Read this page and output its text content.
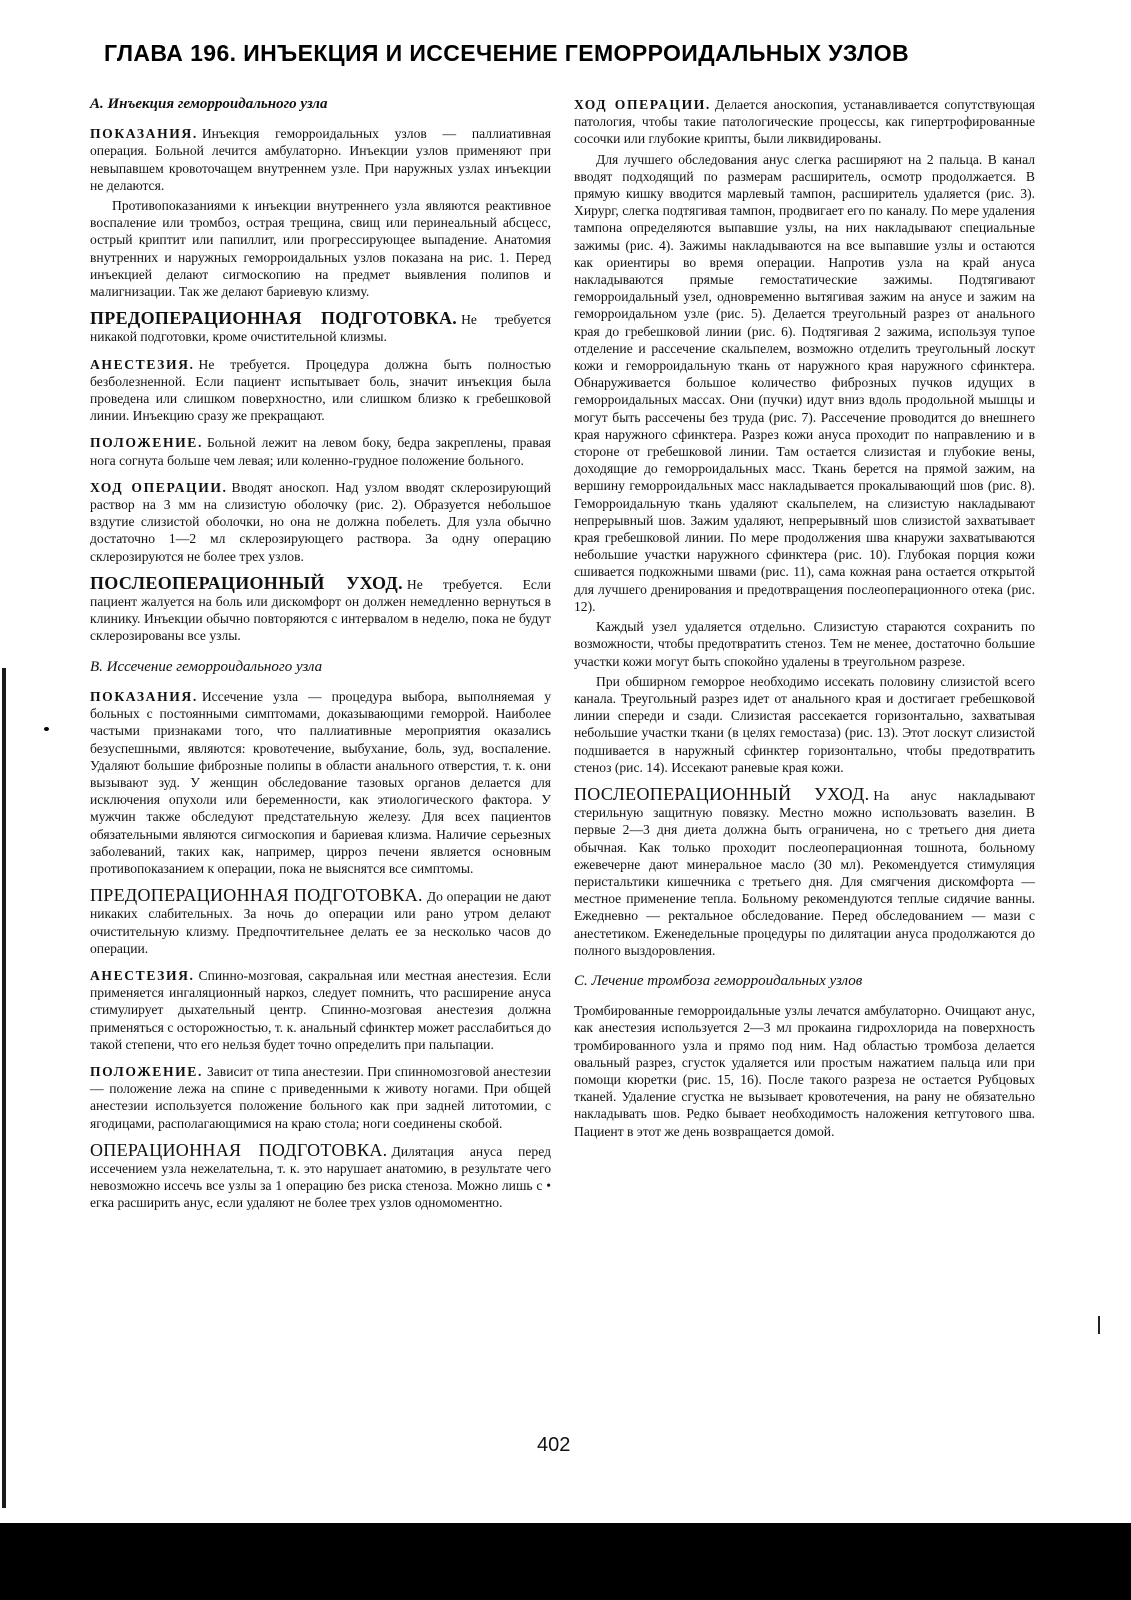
ГЛАВА 196. ИНЪЕКЦИЯ И ИССЕЧЕНИЕ ГЕМОРРОИДАЛЬНЫХ УЗЛОВ

А. Инъекция геморроидального узла

ПОКАЗАНИЯ. Инъекция геморроидальных узлов — паллиативная операция. Больной лечится амбулаторно. Инъекции узлов применяют при невыпавшем кровоточащем внутреннем узле. При наружных узлах инъекции не делаются.

Противопоказаниями к инъекции внутреннего узла являются реактивное воспаление или тромбоз, острая трещина, свищ или перинеальный абсцесс, острый криптит или папиллит, или прогрессирующее выпадение. Анатомия внутренних и наружных геморроидальных узлов показана на рис. 1. Перед инъекцией делают сигмоскопию на предмет выявления полипов и малигнизации. Так же делают бариевую клизму.

ПРЕДОПЕРАЦИОННАЯ ПОДГОТОВКА. Не требуется никакой подготовки, кроме очистительной клизмы.

АНЕСТЕЗИЯ. Не требуется. Процедура должна быть полностью безболезненной. Если пациент испытывает боль, значит инъекция была проведена или слишком поверхностно, или слишком близко к гребешковой линии. Инъекцию сразу же прекращают.

ПОЛОЖЕНИЕ. Больной лежит на левом боку, бедра закреплены, правая нога согнута больше чем левая; или коленно-грудное положение больного.

ХОД ОПЕРАЦИИ. Вводят аноскоп. Над узлом вводят склерозирующий раствор на 3 мм на слизистую оболочку (рис. 2). Образуется небольшое вздутие слизистой оболочки, но она не должна побелеть. Для узла обычно достаточно 1—2 мл склерозирующего раствора. За одну операцию склерозируются не более трех узлов.

ПОСЛЕОПЕРАЦИОННЫЙ УХОД. Не требуется. Если пациент жалуется на боль или дискомфорт он должен немедленно вернуться в клинику. Инъекции обычно повторяются с интервалом в неделю, пока не будут склерозированы все узлы.

В. Иссечение геморроидального узла

ПОКАЗАНИЯ. Иссечение узла — процедура выбора, выполняемая у больных с постоянными симптомами, доказывающими геморрой. Наиболее частыми признаками того, что паллиативные мероприятия оказались безуспешными, являются: кровотечение, выбухание, боль, зуд, воспаление. Удаляют большие фиброзные полипы в области анального отверстия, т. к. они вызывают зуд. У женщин обследование тазовых органов делается для исключения опухоли или беременности, как этиологического фактора. У мужчин также обследуют предстательную железу. Для всех пациентов обязательными являются сигмоскопия и бариевая клизма. Наличие серьезных заболеваний, таких как, например, цирроз печени является основным противопоказанием к операции, пока не выяснятся все симптомы.

ПРЕДОПЕРАЦИОННАЯ ПОДГОТОВКА. До операции не дают никаких слабительных. За ночь до операции или рано утром делают очистительную клизму. Предпочтительнее делать ее за несколько часов до операции.

АНЕСТЕЗИЯ. Спинно-мозговая, сакральная или местная анестезия. Если применяется ингаляционный наркоз, следует помнить, что расширение ануса стимулирует дыхательный центр. Спинно-мозговая анестезия должна применяться с осторожностью, т. к. анальный сфинктер может расслабиться до такой степени, что его нельзя будет точно определить при пальпации.

ПОЛОЖЕНИЕ. Зависит от типа анестезии. При спинномозговой анестезии — положение лежа на спине с приведенными к животу ногами. При общей анестезии используется положение больного как при задней литотомии, с ягодицами, располагающимися на краю стола; ноги соединены скобой.

ОПЕРАЦИОННАЯ ПОДГОТОВКА. Дилятация ануса перед иссечением узла нежелательна, т. к. это нарушает анатомию, в результате чего невозможно иссечь все узлы за 1 операцию без риска стеноза. Можно лишь с • егка расширить анус, если удаляют не более трех узлов одномоментно.

ХОД ОПЕРАЦИИ. Делается аноскопия, устанавливается сопутствующая патология, чтобы такие патологические процессы, как гипертрофированные сосочки или глубокие крипты, были ликвидированы.

Для лучшего обследования анус слегка расширяют на 2 пальца. В канал вводят подходящий по размерам расширитель, осмотр продолжается. В прямую кишку вводится марлевый тампон, расширитель удаляется (рис. 3). Хирург, слегка подтягивая тампон, продвигает его по каналу. По мере удаления тампона определяются выпавшие узлы, на них накладывают специальные зажимы (рис. 4). Зажимы накладываются на все выпавшие узлы и остаются как ориентиры во время операции. Напротив узла на край ануса накладываются прямые гемостатические зажимы. Подтягивают геморроидальный узел, одновременно вытягивая зажим на анусе и зажим на геморроидальном узле (рис. 5). Делается треугольный разрез от анального края до гребешковой линии (рис. 6). Подтягивая 2 зажима, используя тупое отделение и рассечение скальпелем, возможно отделить треугольный лоскут кожи и геморроидальную ткань от наружного края наружного сфинктера. Обнаруживается большое количество фиброзных пучков идущих в геморроидальных массах. Они (пучки) идут вниз вдоль продольной мышцы и могут быть рассечены без труда (рис. 7). Рассечение проводится до внешнего края наружного сфинктера. Разрез кожи ануса проходит по направлению и в стороне от гребешковой линии. Там остается слизистая и глубокие вены, доходящие до геморроидальных масс. Ткань берется на прямой зажим, на вершину геморроидальных масс накладывается прокалывающий шов (рис. 8). Геморроидальную ткань удаляют скальпелем, на слизистую накладывают непрерывный шов. Зажим удаляют, непрерывный шов слизистой захватывает края гребешковой линии. По мере продолжения шва кнаружи захватываются небольшие участки наружного сфинктера (рис. 10). Глубокая порция кожи сшивается подкожными швами (рис. 11), сама кожная рана остается открытой для лучшего дренирования и предотвращения послеоперационного отека (рис. 12).

Каждый узел удаляется отдельно. Слизистую стараются сохранить по возможности, чтобы предотвратить стеноз. Тем не менее, достаточно большие участки кожи могут быть спокойно удалены в треугольном разрезе.

При обширном геморрое необходимо иссекать половину слизистой всего канала. Треугольный разрез идет от анального края и достигает гребешковой линии спереди и сзади. Слизистая рассекается горизонтально, захватывая небольшие участки ткани (в целях гемостаза) (рис. 13). Этот лоскут слизистой подшивается в наружный сфинктер горизонтально, чтобы предотвратить стеноз (рис. 14). Иссекают раневые края кожи.

ПОСЛЕОПЕРАЦИОННЫЙ УХОД. На анус накладывают стерильную защитную повязку. Местно можно использовать вазелин. В первые 2—3 дня диета должна быть ограничена, но с третьего дня диета обычная. Как только проходит послеоперационная тошнота, больному ежевечерне дают минеральное масло (30 мл). Рекомендуется стимуляция перистальтики кишечника с третьего дня. Для смягчения дискомфорта — местное применение тепла. Больному рекомендуются теплые сидячие ванны. Ежедневно — ректальное обследование. Перед обследованием — мази с анестетиком. Еженедельные процедуры по дилятации ануса продолжаются до полного выздоровления.

С. Лечение тромбоза геморроидальных узлов

Тромбированные геморроидальные узлы лечатся амбулаторно. Очищают анус, как анестезия используется 2—3 мл прокаина гидрохлорида на поверхность тромбированного узла и прямо под ним. Над областью тромбоза делается овальный разрез, сгусток удаляется или простым нажатием пальца или при помощи кюретки (рис. 15, 16). После такого разреза не остается Рубцовых тканей. Удаление сгустка не вызывает кровотечения, на рану не обязательно накладывать шов. Редко бывает необходимость наложения кетгутового шва. Пациент в этот же день возвращается домой.

402
